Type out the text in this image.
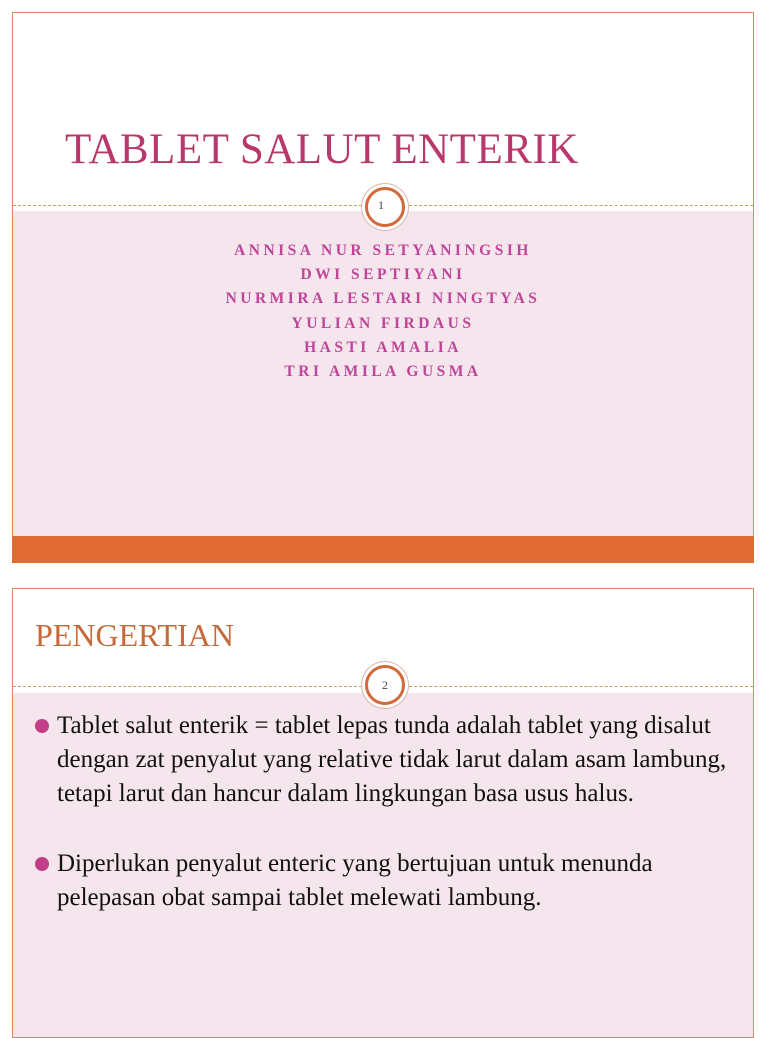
TABLET SALUT ENTERIK
1
ANNISA NUR SETYANINGSIH
DWI SEPTIYANI
NURMIRA LESTARI NINGTYAS
YULIAN FIRDAUS
HASTI AMALIA
TRI AMILA GUSMA
PENGERTIAN
2
Tablet salut enterik = tablet lepas tunda adalah tablet yang disalut dengan zat penyalut yang relative tidak larut dalam asam lambung, tetapi larut dan hancur dalam lingkungan basa usus halus.
Diperlukan penyalut enteric yang bertujuan untuk menunda pelepasan obat sampai tablet melewati lambung.
